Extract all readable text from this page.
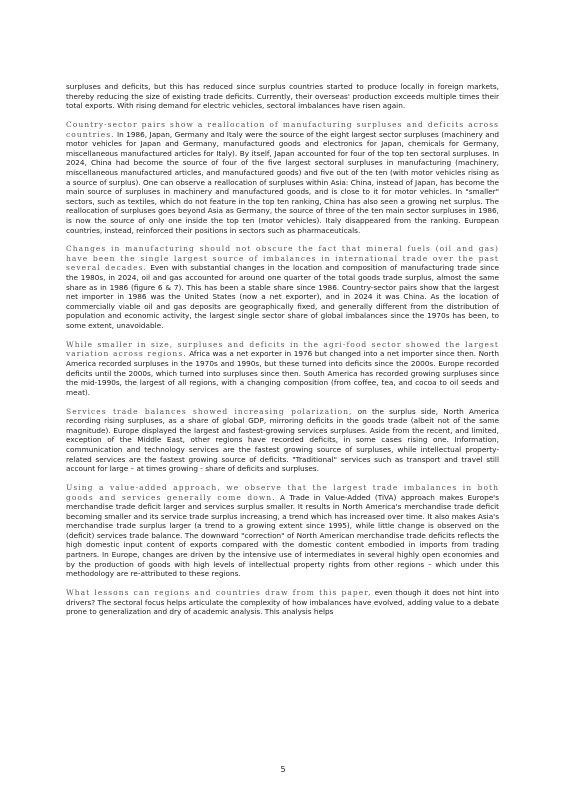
surpluses and deficits, but this has reduced since surplus countries started to produce locally in foreign markets, thereby reducing the size of existing trade deficits. Currently, their overseas' production exceeds multiple times their total exports. With rising demand for electric vehicles, sectoral imbalances have risen again.

Country-sector pairs show a reallocation of manufacturing surpluses and deficits across countries. In 1986, Japan, Germany and Italy were the source of the eight largest sector surpluses (machinery and motor vehicles for Japan and Germany, manufactured goods and electronics for Japan, chemicals for Germany, miscellaneous manufactured articles for Italy). By itself, Japan accounted for four of the top ten sectoral surpluses. In 2024, China had become the source of four of the five largest sectoral surpluses in manufacturing (machinery, miscellaneous manufactured articles, and manufactured goods) and five out of the ten (with motor vehicles rising as a source of surplus). One can observe a reallocation of surpluses within Asia: China, instead of Japan, has become the main source of surpluses in machinery and manufactured goods, and is close to it for motor vehicles. In "smaller" sectors, such as textiles, which do not feature in the top ten ranking, China has also seen a growing net surplus. The reallocation of surpluses goes beyond Asia as Germany, the source of three of the ten main sector surpluses in 1986, is now the source of only one inside the top ten (motor vehicles). Italy disappeared from the ranking. European countries, instead, reinforced their positions in sectors such as pharmaceuticals.

Changes in manufacturing should not obscure the fact that mineral fuels (oil and gas) have been the single largest source of imbalances in international trade over the past several decades. Even with substantial changes in the location and composition of manufacturing trade since the 1980s, in 2024, oil and gas accounted for around one quarter of the total goods trade surplus, almost the same share as in 1986 (figure 6 & 7). This has been a stable share since 1986. Country-sector pairs show that the largest net importer in 1986 was the United States (now a net exporter), and in 2024 it was China. As the location of commercially viable oil and gas deposits are geographically fixed, and generally different from the distribution of population and economic activity, the largest single sector share of global imbalances since the 1970s has been, to some extent, unavoidable.

While smaller in size, surpluses and deficits in the agri-food sector showed the largest variation across regions. Africa was a net exporter in 1976 but changed into a net importer since then. North America recorded surpluses in the 1970s and 1990s, but these turned into deficits since the 2000s. Europe recorded deficits until the 2000s, which turned into surpluses since then. South America has recorded growing surpluses since the mid-1990s, the largest of all regions, with a changing composition (from coffee, tea, and cocoa to oil seeds and meat).

Services trade balances showed increasing polarization, on the surplus side, North America recording rising surpluses, as a share of global GDP, mirroring deficits in the goods trade (albeit not of the same magnitude). Europe displayed the largest and fastest-growing services surpluses. Aside from the recent, and limited, exception of the Middle East, other regions have recorded deficits, in some cases rising one. Information, communication and technology services are the fastest growing source of surpluses, while intellectual property-related services are the fastest growing source of deficits. "Traditional" services such as transport and travel still account for large – at times growing - share of deficits and surpluses.

Using a value-added approach, we observe that the largest trade imbalances in both goods and services generally come down. A Trade in Value-Added (TiVA) approach makes Europe's merchandise trade deficit larger and services surplus smaller. It results in North America's merchandise trade deficit becoming smaller and its service trade surplus increasing, a trend which has increased over time. It also makes Asia's merchandise trade surplus larger (a trend to a growing extent since 1995), while little change is observed on the (deficit) services trade balance. The downward "correction" of North American merchandise trade deficits reflects the high domestic input content of exports compared with the domestic content embodied in imports from trading partners. In Europe, changes are driven by the intensive use of intermediates in several highly open economies and by the production of goods with high levels of intellectual property rights from other regions – which under this methodology are re-attributed to these regions.

What lessons can regions and countries draw from this paper, even though it does not hint into drivers? The sectoral focus helps articulate the complexity of how imbalances have evolved, adding value to a debate prone to generalization and dry of academic analysis. This analysis helps

5
